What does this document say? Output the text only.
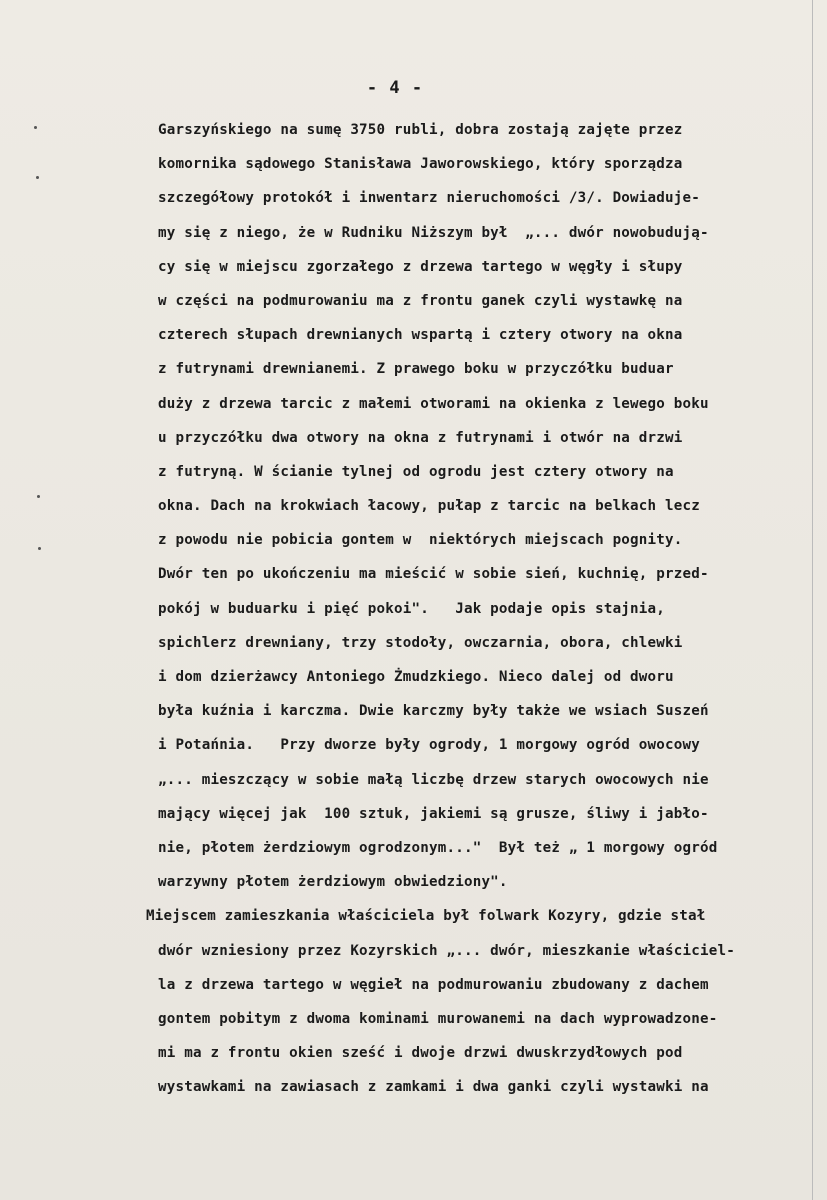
- 4 -
Garszyńskiego na sumę 3750 rubli, dobra zostają zajęte przez
komornika sądowego Stanisława Jaworowskiego, który sporządza
szczegółowy protokół i inwentarz nieruchomości /3/. Dowiaduje-
my się z niego, że w Rudniku Niższym był  „... dwór nowobudują-
cy się w miejscu zgorzałego z drzewa tartego w węgły i słupy
w części na podmurowaniu ma z frontu ganek czyli wystawkę na
czterech słupach drewnianych wspartą i cztery otwory na okna
z futrynami drewnianemi. Z prawego boku w przyczółku buduar
duży z drzewa tarcic z małemi otworami na okienka z lewego boku
u przyczółku dwa otwory na okna z futrynami i otwór na drzwi
z futryną. W ścianie tylnej od ogrodu jest cztery otwory na
okna. Dach na krokwiach łacowy, pułap z tarcic na belkach lecz
z powodu nie pobicia gontem w  niektórych miejscach pognity.
Dwór ten po ukończeniu ma mieścić w sobie sień, kuchnię, przed-
pokój w buduarku i pięć pokoi".   Jak podaje opis stajnia,
spichlerz drewniany, trzy stodoły, owczarnia, obora, chlewki
i dom dzierżawcy Antoniego Żmudzkiego. Nieco dalej od dworu
była kuźnia i karczma. Dwie karczmy były także we wsiach Suszeń
i Potańnia.   Przy dworze były ogrody, 1 morgowy ogród owocowy
„... mieszczący w sobie małą liczbę drzew starych owocowych nie
mający więcej jak  100 sztuk, jakiemi są grusze, śliwy i jabło-
nie, płotem żerdziowym ogrodzonym..."  Był też „ 1 morgowy ogród
warzywny płotem żerdziowym obwiedziony".
Miejscem zamieszkania właściciela był folwark Kozyry, gdzie stał
dwór wzniesiony przez Kozyrskich „... dwór, mieszkanie właściciel-
la z drzewa tartego w węgieł na podmurowaniu zbudowany z dachem
gontem pobitym z dwoma kominami murowanemi na dach wyprowadzone-
mi ma z frontu okien sześć i dwoje drzwi dwuskrzydłowych pod
wystawkami na zawiasach z zamkami i dwa ganki czyli wystawki na
